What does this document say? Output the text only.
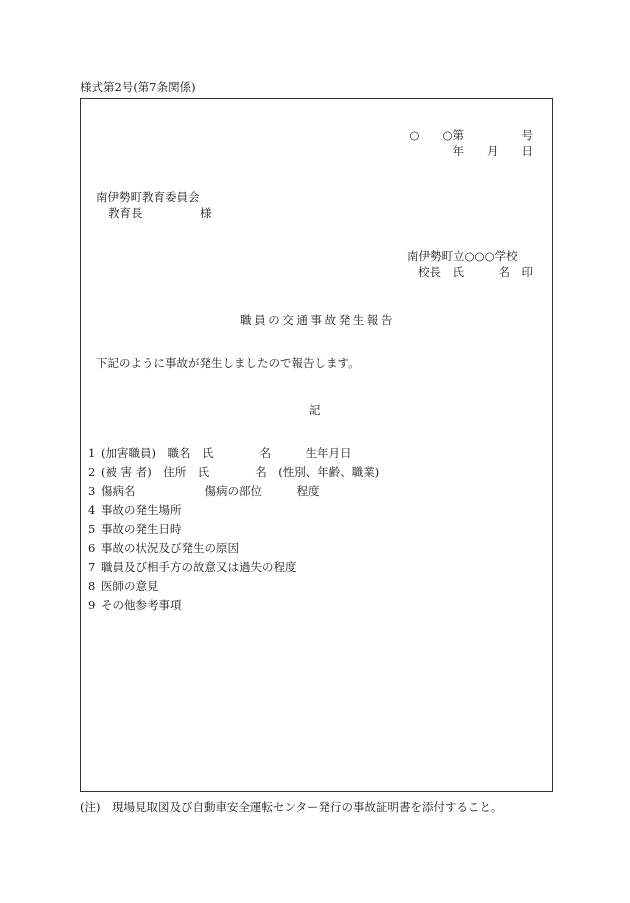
様式第2号(第7条関係)
○　　○第　　　　　号
年　　月　　日
南伊勢町教育委員会
教育長　　　　　様
南伊勢町立○○○学校
校長　氏　　　名　印
職員の交通事故発生報告
下記のように事故が発生しましたので報告します。
記
1 (加害職員)　職名　氏　　　　名　　　生年月日
2 (被 害 者)　住所　氏　　　　名　(性別、年齢、職業)
3 傷病名　　　　　　傷病の部位　　　程度
4 事故の発生場所
5 事故の発生日時
6 事故の状況及び発生の原因
7 職員及び相手方の故意又は過失の程度
8 医師の意見
9 その他参考事項
(注)　現場見取図及び自動車安全運転センター発行の事故証明書を添付すること。
